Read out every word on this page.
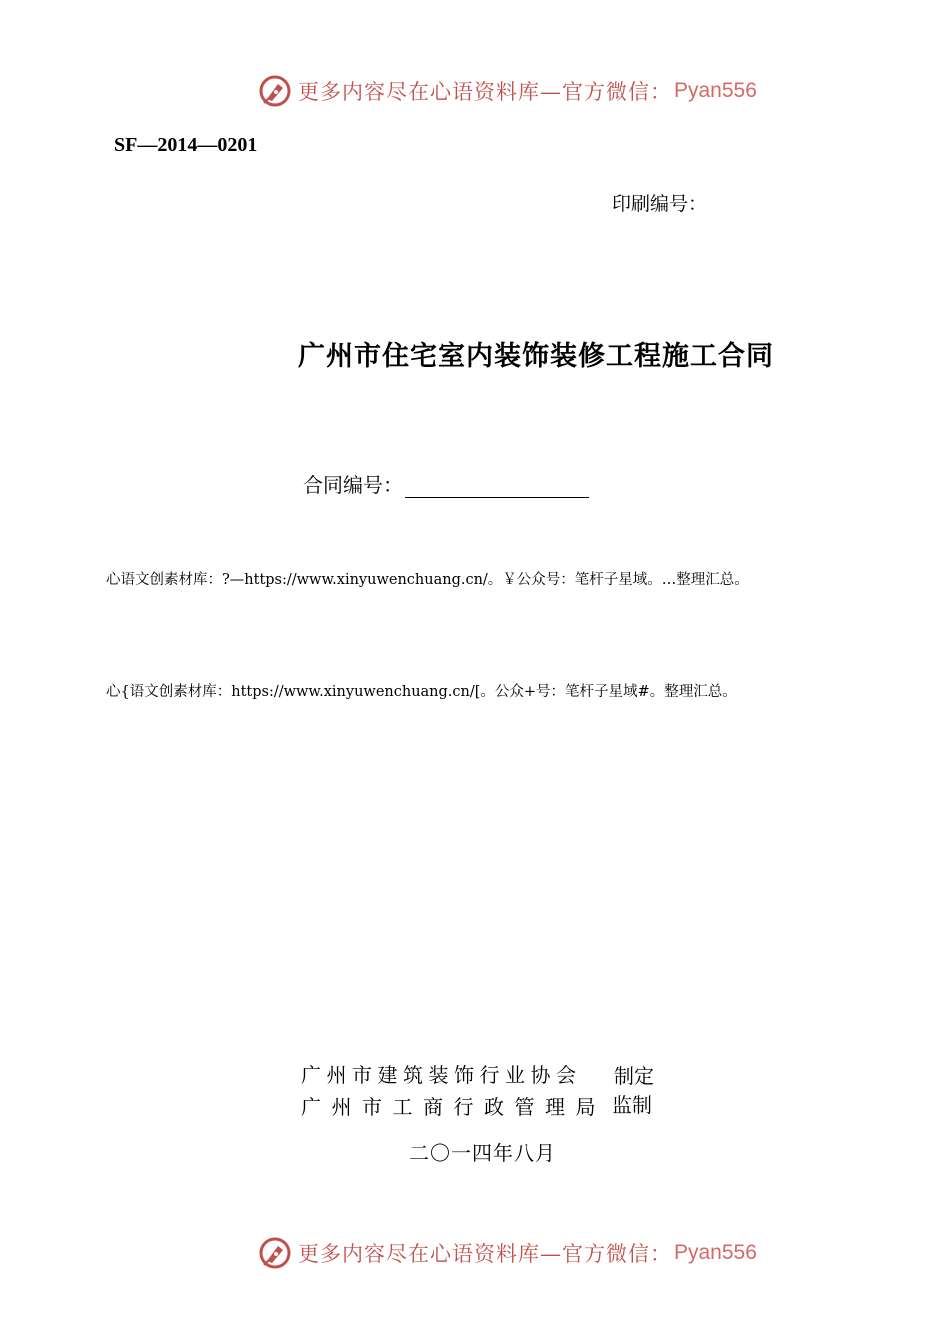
更多内容尽在心语资料库—官方微信： Pyan556
SF—2014—0201
印刷编号：
广州市住宅室内装饰装修工程施工合同
合同编号：
心语文创素材库：?—https://www.xinyuwenchuang.cn/。￥公众号：笔杆子星域。…整理汇总。
心{语文创素材库：https://www.xinyuwenchuang.cn/[。公众+号：笔杆子星域#。整理汇总。
广州市建筑装饰行业协会 制定
广州市工商行政管理局 监制
二〇一四年八月
更多内容尽在心语资料库—官方微信： Pyan556
